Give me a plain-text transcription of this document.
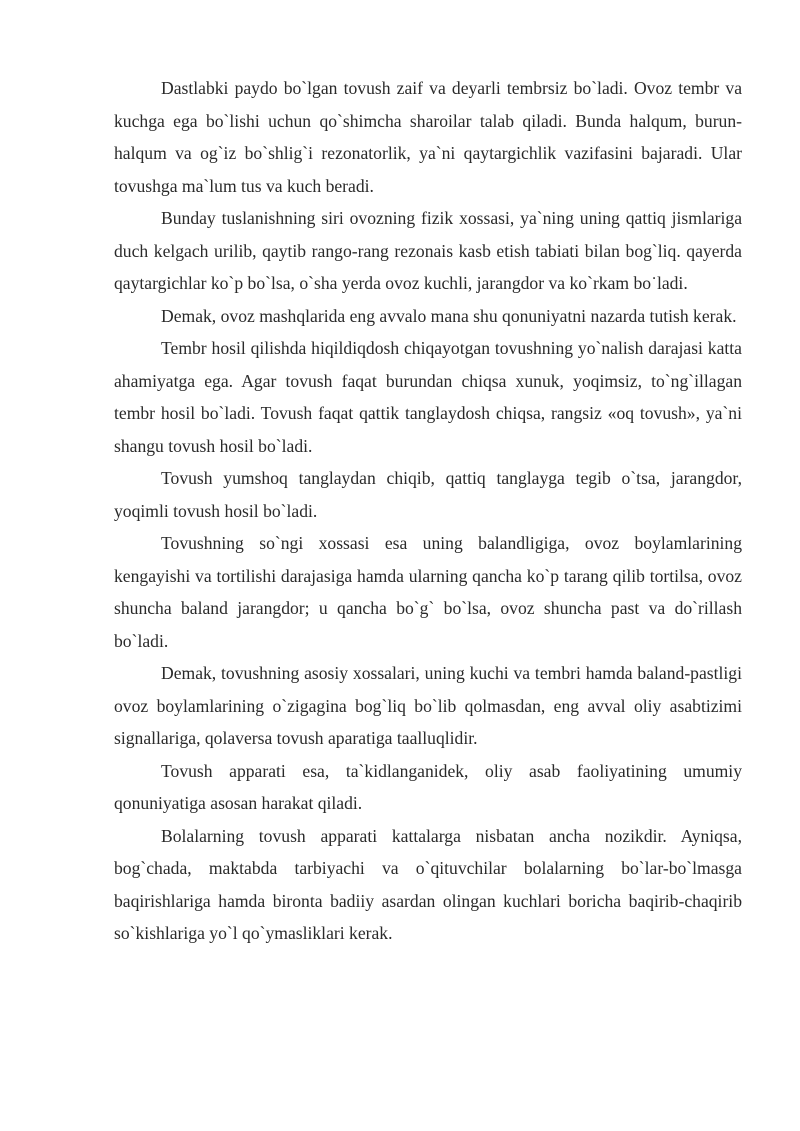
Dastlabki paydo bo`lgan tovush zaif va deyarli tembrsiz bo`ladi. Ovoz tembr va kuchga ega bo`lishi uchun qo`shimcha sharoilar talab qiladi. Bunda halqum, burun-halqum va og`iz bo`shlig`i rezonatorlik, ya`ni qaytargichlik vazifasini bajaradi. Ular tovushga ma`lum tus va kuch beradi.

Bunday tuslanishning siri ovozning fizik xossasi, ya`ning uning qattiq jismlariga duch kelgach urilib, qaytib rango-rang rezonais kasb etish tabiati bilan bog`liq. qayerda qaytargichlar ko`p bo`lsa, o`sha yerda ovoz kuchli, jarangdor va ko`rkam bo˙ladi.

Demak, ovoz mashqlarida eng avvalo mana shu qonuniyatni nazarda tutish kerak.

Tembr hosil qilishda hiqildiqdosh chiqayotgan tovushning yo`nalish darajasi katta ahamiyatga ega. Agar tovush faqat burundan chiqsa xunuk, yoqimsiz, to`ng`illagan tembr hosil bo`ladi. Tovush faqat qattik tanglaydosh chiqsa, rangsiz «oq tovush», ya`ni shangu tovush hosil bo`ladi.

Tovush yumshoq tanglaydan chiqib, qattiq tanglayga tegib o`tsa, jarangdor, yoqimli tovush hosil bo`ladi.

Tovushning so`ngi xossasi esa uning balandligiga, ovoz boylamlarining kengayishi va tortilishi darajasiga hamda ularning qancha ko`p tarang qilib tortilsa, ovoz shuncha baland jarangdor; u qancha bo`g` bo`lsa, ovoz shuncha past va do`rillash bo`ladi.

Demak, tovushning asosiy xossalari, uning kuchi va tembri hamda baland-pastligi ovoz boylamlarining o`zigagina bog`liq bo`lib qolmasdan, eng avval oliy asabtizimi signallariga, qolaversa tovush aparatiga taalluqlidir.

Tovush apparati esa, ta`kidlanganidek, oliy asab faoliyatining umumiy qonuniyatiga asosan harakat qiladi.

Bolalarning tovush apparati kattalarga nisbatan ancha nozikdir. Ayniqsa, bog`chada, maktabda tarbiyachi va o`qituvchilar bolalarning bo`lar-bo`lmasga baqirishlariga hamda bironta badiiy asardan olingan kuchlari boricha baqirib-chaqirib so`kishlariga yo`l qo`ymasliklari kerak.
